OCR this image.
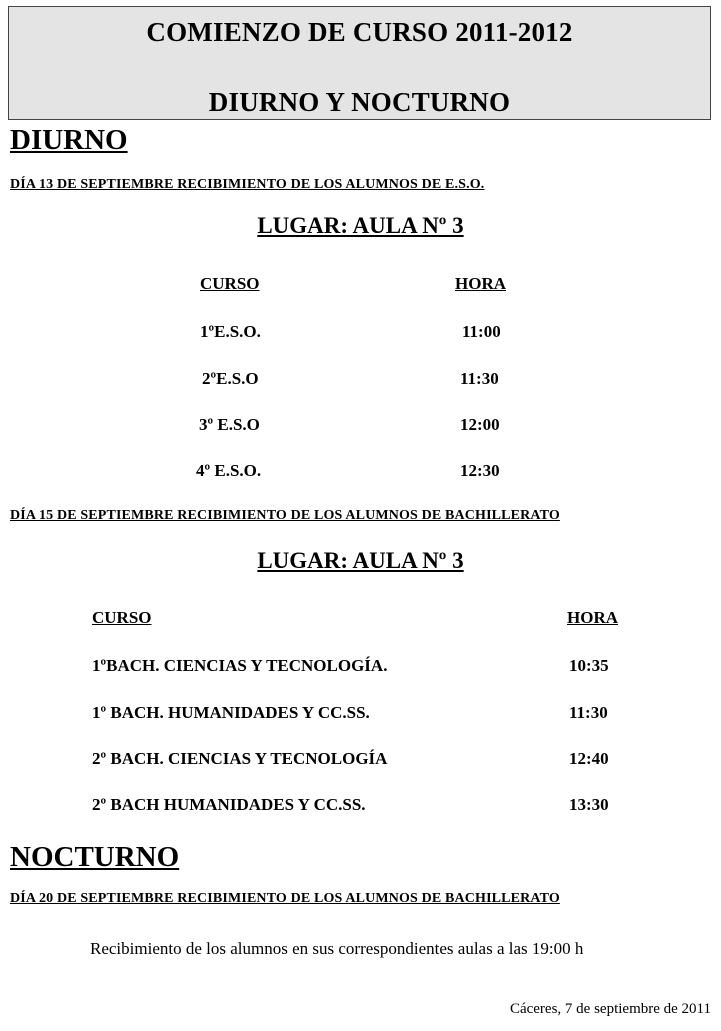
COMIENZO DE CURSO 2011-2012
DIURNO Y NOCTURNO
DIURNO
DÍA 13 DE SEPTIEMBRE RECIBIMIENTO DE LOS ALUMNOS DE E.S.O.
LUGAR: AULA Nº 3
CURSO	HORA
1ºE.S.O.	11:00
2ºE.S.O	11:30
3º E.S.O	12:00
4º E.S.O.	12:30
DÍA 15 DE SEPTIEMBRE RECIBIMIENTO DE LOS ALUMNOS DE BACHILLERATO
LUGAR: AULA Nº 3
CURSO	HORA
1ºBACH. CIENCIAS Y TECNOLOGÍA.	10:35
1º BACH. HUMANIDADES Y CC.SS.	11:30
2º BACH. CIENCIAS Y TECNOLOGÍA	12:40
2º BACH HUMANIDADES Y CC.SS.	13:30
NOCTURNO
DÍA 20 DE SEPTIEMBRE RECIBIMIENTO DE LOS ALUMNOS DE BACHILLERATO
Recibimiento de los alumnos en sus correspondientes aulas a las 19:00 h
Cáceres, 7 de septiembre de 2011
